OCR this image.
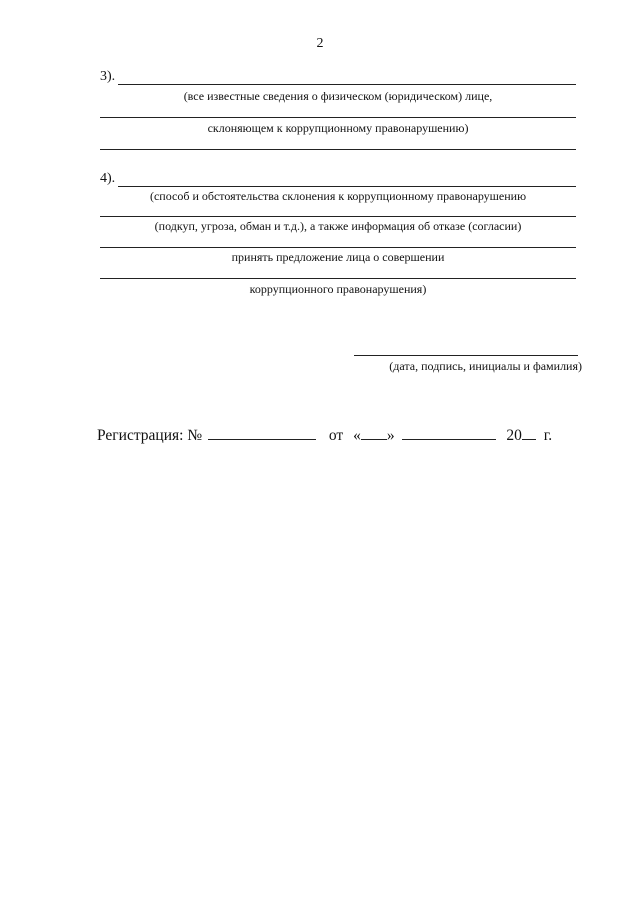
2
3).
(все известные сведения о физическом (юридическом) лице,
склоняющем к коррупционному правонарушению)
4).
(способ и обстоятельства склонения к коррупционному правонарушению
(подкуп, угроза, обман и т.д.), а также информация об отказе (согласии)
принять предложение лица о совершении
коррупционного правонарушения)
(дата, подпись, инициалы и фамилия)
Регистрация: №	от « »	20 г.
